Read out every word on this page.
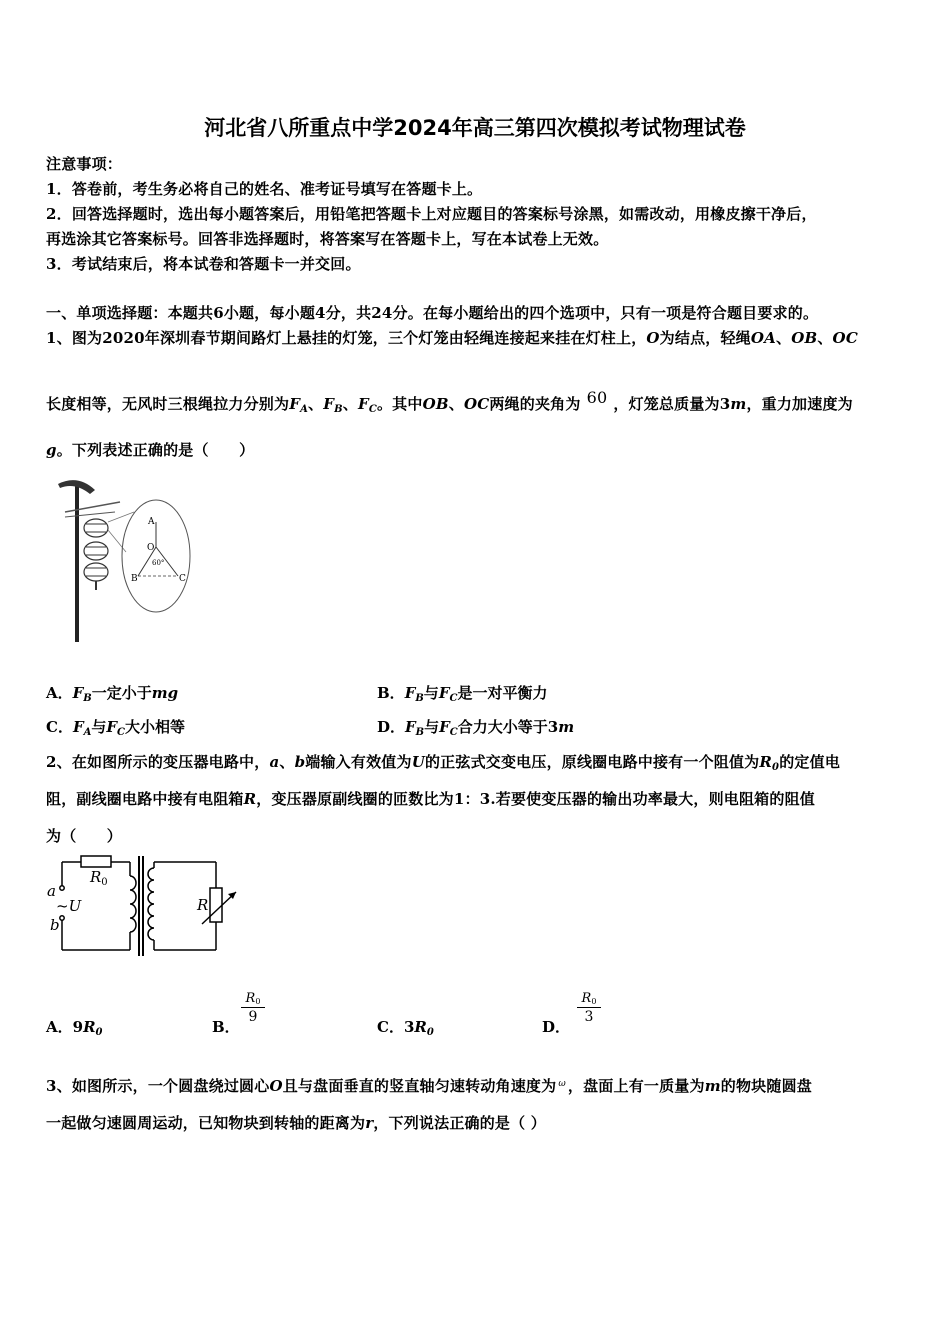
河北省八所重点中学2024年高三第四次模拟考试物理试卷
注意事项：
1．答卷前，考生务必将自己的姓名、准考证号填写在答题卡上。
2．回答选择题时，选出每小题答案后，用铅笔把答题卡上对应题目的答案标号涂黑，如需改动，用橡皮擦干净后，
再选涂其它答案标号。回答非选择题时，将答案写在答题卡上，写在本试卷上无效。
3．考试结束后，将本试卷和答题卡一并交回。
一、单项选择题：本题共6小题，每小题4分，共24分。在每小题给出的四个选项中，只有一项是符合题目要求的。
1、图为2020年深圳春节期间路灯上悬挂的灯笼，三个灯笼由轻绳连接起来挂在灯柱上，O为结点，轻绳OA、OB、OC
长度相等，无风时三根绳拉力分别为$F_A$、$F_B$、$F_C$。其中OB、OC两绳的夹角为 60 ，灯笼总质量为3m，重力加速度为
g。下列表述正确的是（　　）
A
O
60°
B	C
A．$F_B$一定小于mg	B．$F_B$与$F_C$是一对平衡力
C．$F_A$与$F_C$大小相等	D．$F_B$与$F_C$合力大小等于3m
2、在如图所示的变压器电路中，a、b端输入有效值为U的正弦式交变电压，原线圈电路中接有一个阻值为$R_0$的定值电
阻，副线圈电路中接有电阻箱R，变压器原副线圈的匝数比为1：3.若要使变压器的输出功率最大，则电阻箱的阻值
为（　　）
$R_0$
a
~U
b
R
A．$9R_0$	B．
$\frac{R0}{9}$
C．$3R_0$	D．
$\frac{R0}{3}$
3、如图所示，一个圆盘绕过圆心O且与盘面垂直的竖直轴匀速转动角速度为 $^\omega$ ，盘面上有一质量为m的物块随圆盘
一起做匀速圆周运动，已知物块到转轴的距离为r，下列说法正确的是（ ）
